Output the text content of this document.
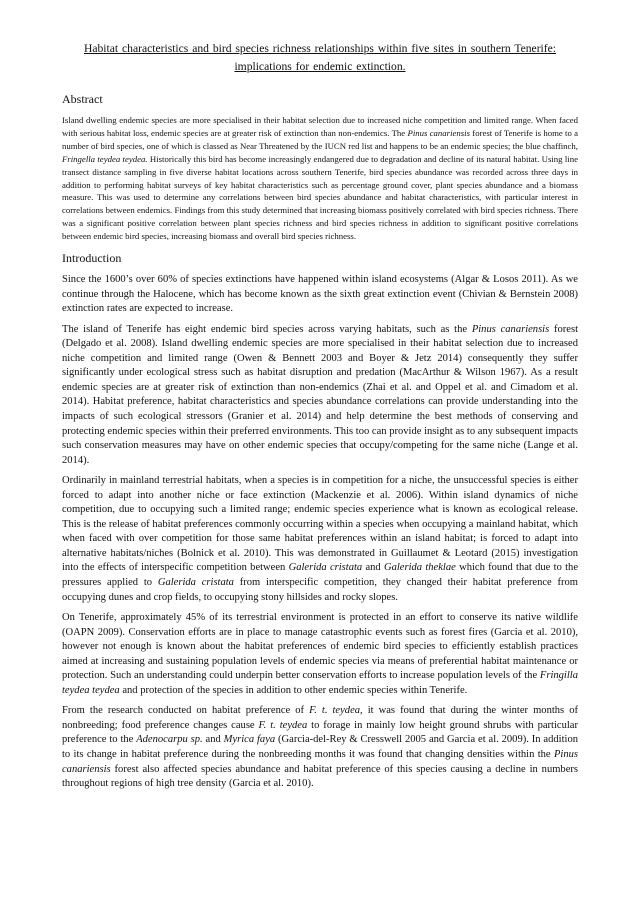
Habitat characteristics and bird species richness relationships within five sites in southern Tenerife:
implications for endemic extinction.
Abstract
Island dwelling endemic species are more specialised in their habitat selection due to increased niche competition and limited range. When faced with serious habitat loss, endemic species are at greater risk of extinction than non-endemics. The Pinus canariensis forest of Tenerife is home to a number of bird species, one of which is classed as Near Threatened by the IUCN red list and happens to be an endemic species; the blue chaffinch, Fringella teydea teydea. Historically this bird has become increasingly endangered due to degradation and decline of its natural habitat. Using line transect distance sampling in five diverse habitat locations across southern Tenerife, bird species abundance was recorded across three days in addition to performing habitat surveys of key habitat characteristics such as percentage ground cover, plant species abundance and a biomass measure. This was used to determine any correlations between bird species abundance and habitat characteristics, with particular interest in correlations between endemics. Findings from this study determined that increasing biomass positively correlated with bird species richness. There was a significant positive correlation between plant species richness and bird species richness in addition to significant positive correlations between endemic bird species, increasing biomass and overall bird species richness.
Introduction

Since the 1600’s over 60% of species extinctions have happened within island ecosystems (Algar & Losos 2011). As we continue through the Halocene, which has become known as the sixth great extinction event (Chivian & Bernstein 2008) extinction rates are expected to increase.

The island of Tenerife has eight endemic bird species across varying habitats, such as the Pinus canariensis forest (Delgado et al. 2008). Island dwelling endemic species are more specialised in their habitat selection due to increased niche competition and limited range (Owen & Bennett 2003 and Boyer & Jetz 2014) consequently they suffer significantly under ecological stress such as habitat disruption and predation (MacArthur & Wilson 1967). As a result endemic species are at greater risk of extinction than non-endemics (Zhai et al. and Oppel et al. and Cimadom et al. 2014). Habitat preference, habitat characteristics and species abundance correlations can provide understanding into the impacts of such ecological stressors (Granier et al. 2014) and help determine the best methods of conserving and protecting endemic species within their preferred environments. This too can provide insight as to any subsequent impacts such conservation measures may have on other endemic species that occupy/competing for the same niche (Lange et al. 2014).

Ordinarily in mainland terrestrial habitats, when a species is in competition for a niche, the unsuccessful species is either forced to adapt into another niche or face extinction (Mackenzie et al. 2006). Within island dynamics of niche competition, due to occupying such a limited range; endemic species experience what is known as ecological release. This is the release of habitat preferences commonly occurring within a species when occupying a mainland habitat, which when faced with over competition for those same habitat preferences within an island habitat; is forced to adapt into alternative habitats/niches (Bolnick et al. 2010). This was demonstrated in Guillaumet & Leotard (2015) investigation into the effects of interspecific competition between Galerida cristata and Galerida theklae which found that due to the pressures applied to Galerida cristata from interspecific competition, they changed their habitat preference from occupying dunes and crop fields, to occupying stony hillsides and rocky slopes.

On Tenerife, approximately 45% of its terrestrial environment is protected in an effort to conserve its native wildlife (OAPN 2009). Conservation efforts are in place to manage catastrophic events such as forest fires (Garcia et al. 2010), however not enough is known about the habitat preferences of endemic bird species to efficiently establish practices aimed at increasing and sustaining population levels of endemic species via means of preferential habitat maintenance or protection. Such an understanding could underpin better conservation efforts to increase population levels of the Fringilla teydea teydea and protection of the species in addition to other endemic species within Tenerife.

From the research conducted on habitat preference of F. t. teydea, it was found that during the winter months of nonbreeding; food preference changes cause F. t. teydea to forage in mainly low height ground shrubs with particular preference to the Adenocarpu sp. and Myrica faya (Garcia-del-Rey & Cresswell 2005 and Garcia et al. 2009). In addition to its change in habitat preference during the nonbreeding months it was found that changing densities within the Pinus canariensis forest also affected species abundance and habitat preference of this species causing a decline in numbers throughout regions of high tree density (Garcia et al. 2010).
